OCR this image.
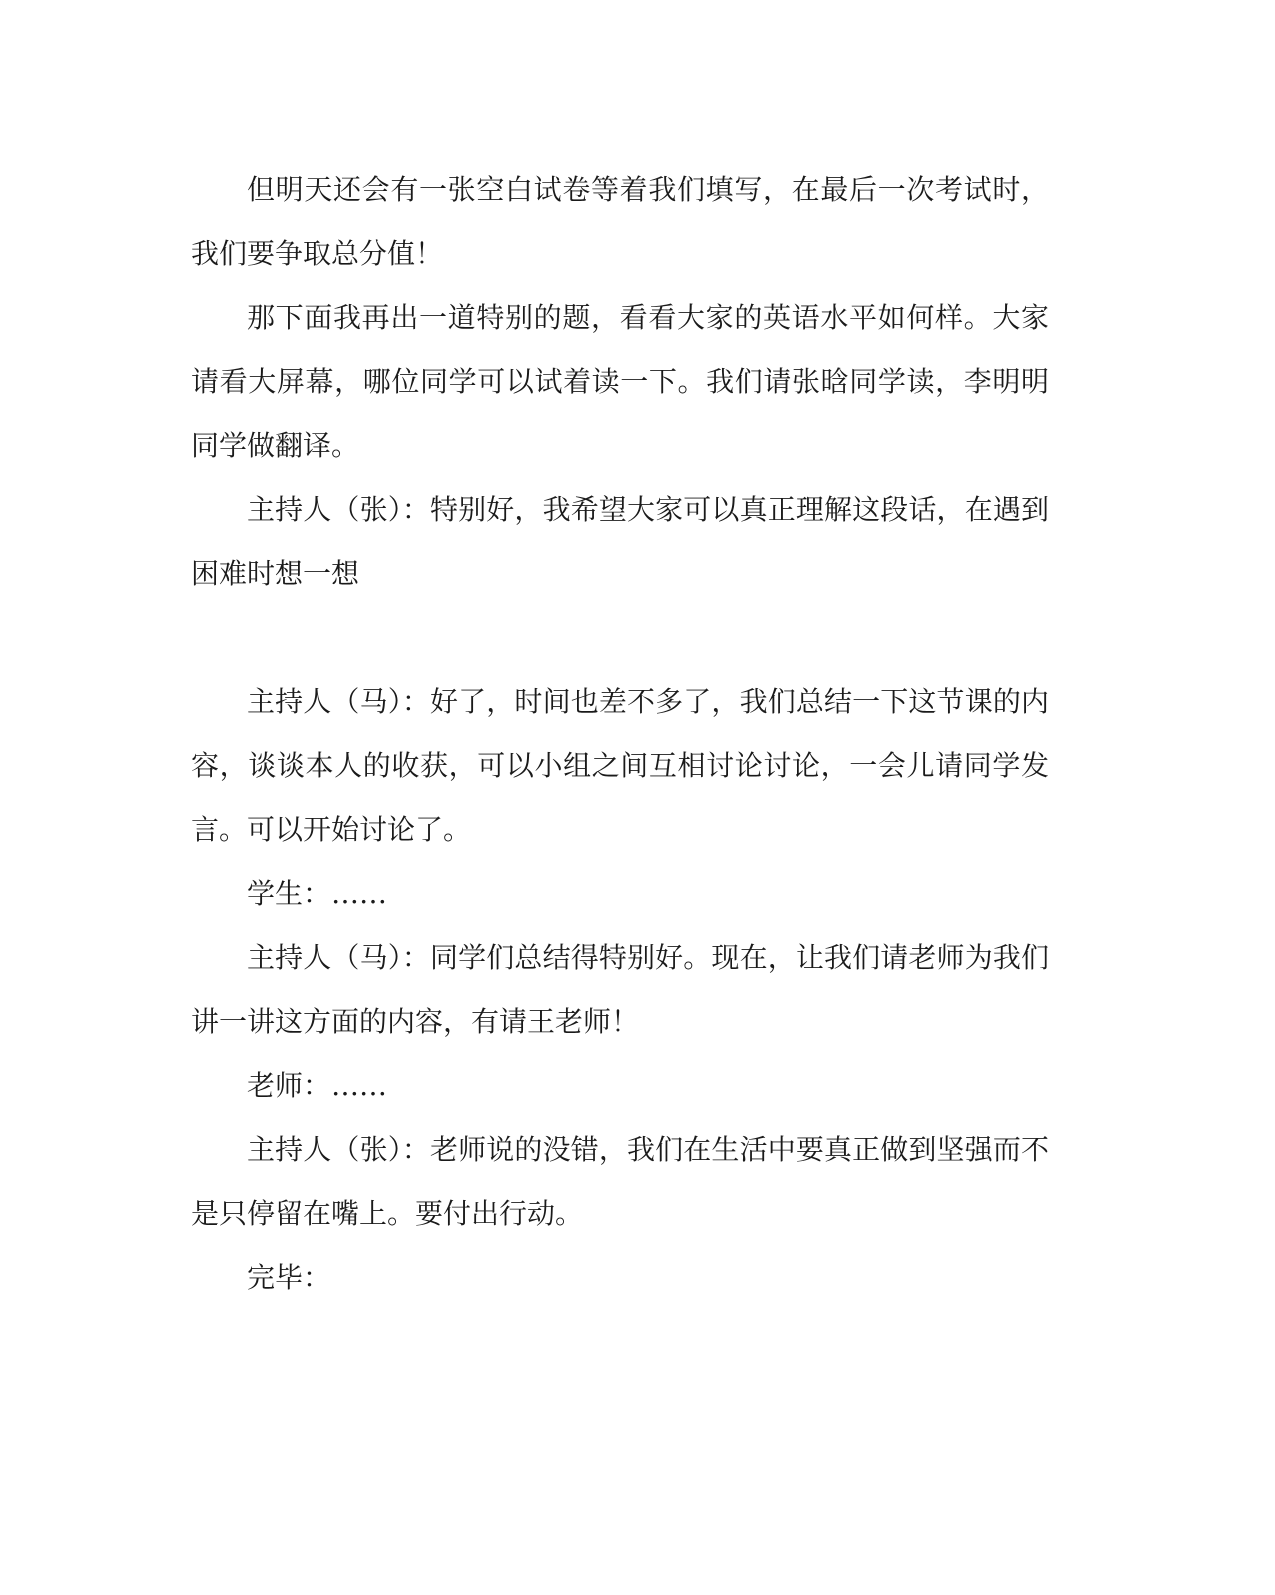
但明天还会有一张空白试卷等着我们填写，在最后一次考试时，我们要争取总分值！

那下面我再出一道特别的题，看看大家的英语水平如何样。大家请看大屏幕，哪位同学可以试着读一下。我们请张晗同学读，李明明同学做翻译。

主持人（张）：特别好，我希望大家可以真正理解这段话，在遇到困难时想一想

主持人（马）：好了，时间也差不多了，我们总结一下这节课的内容，谈谈本人的收获，可以小组之间互相讨论讨论，一会儿请同学发言。可以开始讨论了。

学生：……

主持人（马）：同学们总结得特别好。现在，让我们请老师为我们讲一讲这方面的内容，有请王老师！

老师：……

主持人（张）：老师说的没错，我们在生活中要真正做到坚强而不是只停留在嘴上。要付出行动。

完毕：
